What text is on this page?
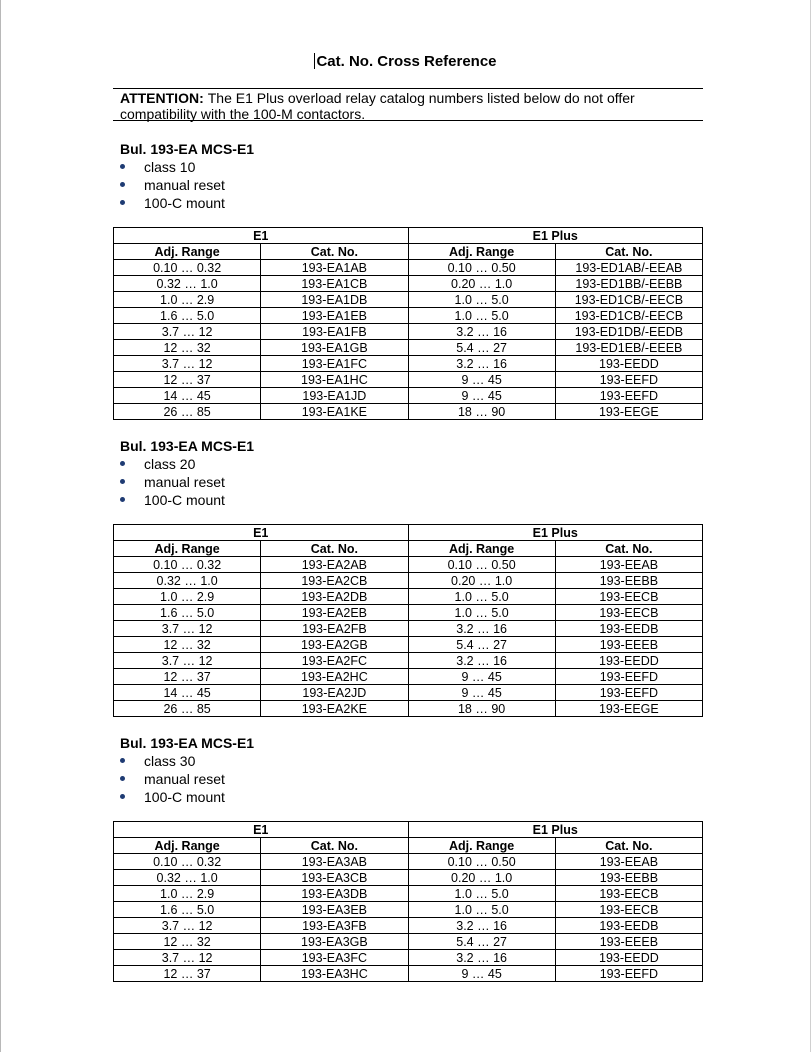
Cat. No. Cross Reference
ATTENTION: The E1 Plus overload relay catalog numbers listed below do not offer compatibility with the 100-M contactors.
Bul. 193-EA MCS-E1
class 10
manual reset
100-C mount
E1		E1 Plus	
Adj. Range	Cat. No.	Adj. Range	Cat. No.
0.10 … 0.32	193-EA1AB	0.10 … 0.50	193-ED1AB/-EEAB
0.32 … 1.0	193-EA1CB	0.20 … 1.0	193-ED1BB/-EEBB
1.0 … 2.9	193-EA1DB	1.0 … 5.0	193-ED1CB/-EECB
1.6 … 5.0	193-EA1EB	1.0 … 5.0	193-ED1CB/-EECB
3.7 … 12	193-EA1FB	3.2 … 16	193-ED1DB/-EEDB
12 … 32	193-EA1GB	5.4 … 27	193-ED1EB/-EEEB
3.7 … 12	193-EA1FC	3.2 … 16	193-EEDD
12 … 37	193-EA1HC	9 … 45	193-EEFD
14 … 45	193-EA1JD	9 … 45	193-EEFD
26 … 85	193-EA1KE	18 … 90	193-EEGE
Bul. 193-EA MCS-E1
class 20
manual reset
100-C mount
E1		E1 Plus	
Adj. Range	Cat. No.	Adj. Range	Cat. No.
0.10 … 0.32	193-EA2AB	0.10 … 0.50	193-EEAB
0.32 … 1.0	193-EA2CB	0.20 … 1.0	193-EEBB
1.0 … 2.9	193-EA2DB	1.0 … 5.0	193-EECB
1.6 … 5.0	193-EA2EB	1.0 … 5.0	193-EECB
3.7 … 12	193-EA2FB	3.2 … 16	193-EEDB
12 … 32	193-EA2GB	5.4 … 27	193-EEEB
3.7 … 12	193-EA2FC	3.2 … 16	193-EEDD
12 … 37	193-EA2HC	9 … 45	193-EEFD
14 … 45	193-EA2JD	9 … 45	193-EEFD
26 … 85	193-EA2KE	18 … 90	193-EEGE
Bul. 193-EA MCS-E1
class 30
manual reset
100-C mount
E1		E1 Plus	
Adj. Range	Cat. No.	Adj. Range	Cat. No.
0.10 … 0.32	193-EA3AB	0.10 … 0.50	193-EEAB
0.32 … 1.0	193-EA3CB	0.20 … 1.0	193-EEBB
1.0 … 2.9	193-EA3DB	1.0 … 5.0	193-EECB
1.6 … 5.0	193-EA3EB	1.0 … 5.0	193-EECB
3.7 … 12	193-EA3FB	3.2 … 16	193-EEDB
12 … 32	193-EA3GB	5.4 … 27	193-EEEB
3.7 … 12	193-EA3FC	3.2 … 16	193-EEDD
12 … 37	193-EA3HC	9 … 45	193-EEFD
